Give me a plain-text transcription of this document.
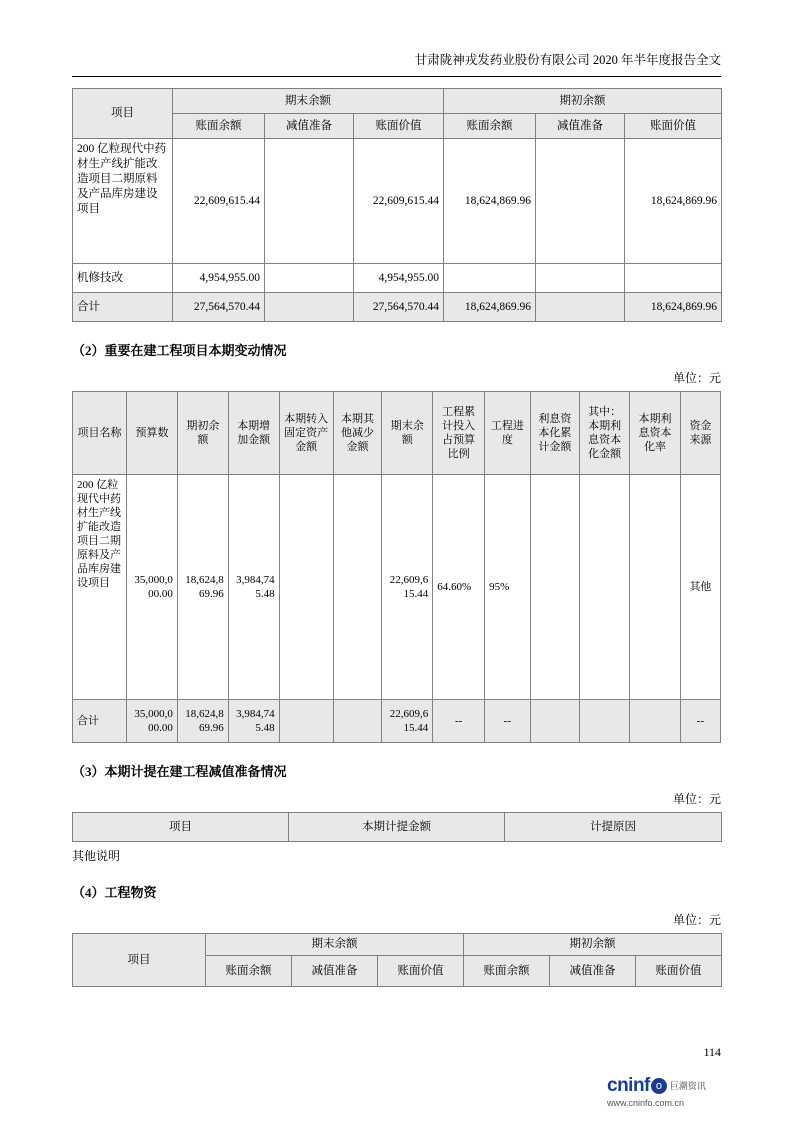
甘肃陇神戎发药业股份有限公司 2020 年半年度报告全文
项目	期末余额			期初余额		
	账面余额	减值准备	账面价值	账面余额	减值准备	账面价值
200 亿粒现代中药材生产线扩能改造项目二期原料及产品库房建设项目	22,609,615.44		22,609,615.44	18,624,869.96		18,624,869.96
机修技改	4,954,955.00		4,954,955.00			
合计	27,564,570.44		27,564,570.44	18,624,869.96		18,624,869.96
（2）重要在建工程项目本期变动情况
单位：元
项目名称	预算数	期初余额	本期增加金额	本期转入固定资产金额	本期其他减少金额	期末余额	工程累计投入占预算比例	工程进度	利息资本化累计金额	其中：本期利息资本化金额	本期利息资本化率	资金来源
200 亿粒现代中药材生产线扩能改造项目二期原料及产品库房建设项目	35,000,000.00	18,624,869.96	3,984,745.48			22,609,615.44	64.60%	95%				其他
合计	35,000,000.00	18,624,869.96	3,984,745.48			22,609,615.44	--	--				--
（3）本期计提在建工程减值准备情况
单位：元
项目	本期计提金额	计提原因
其他说明
（4）工程物资
单位：元
项目	期末余额			期初余额		
	账面余额	减值准备	账面价值	账面余额	减值准备	账面价值
114
cninf o 巨潮资讯
www.cninfo.com.cn
